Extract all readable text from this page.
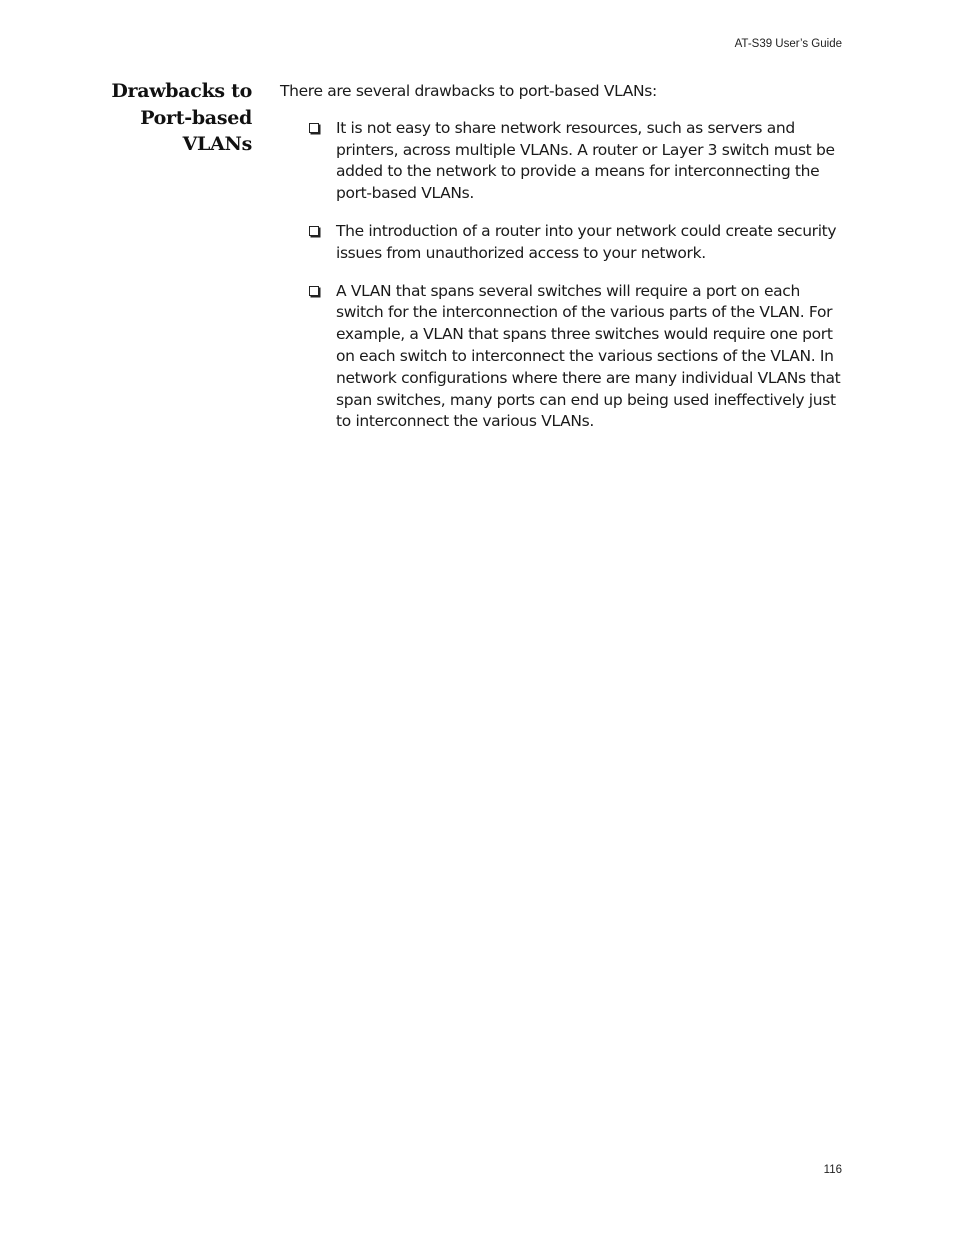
AT-S39 User’s Guide
Drawbacks to
Port-based
VLANs

There are several drawbacks to port-based VLANs:

It is not easy to share network resources, such as servers and printers, across multiple VLANs. A router or Layer 3 switch must be added to the network to provide a means for interconnecting the port-based VLANs.
The introduction of a router into your network could create security issues from unauthorized access to your network.
A VLAN that spans several switches will require a port on each switch for the interconnection of the various parts of the VLAN. For example, a VLAN that spans three switches would require one port on each switch to interconnect the various sections of the VLAN. In network configurations where there are many individual VLANs that span switches, many ports can end up being used ineffectively just to interconnect the various VLANs.
116
